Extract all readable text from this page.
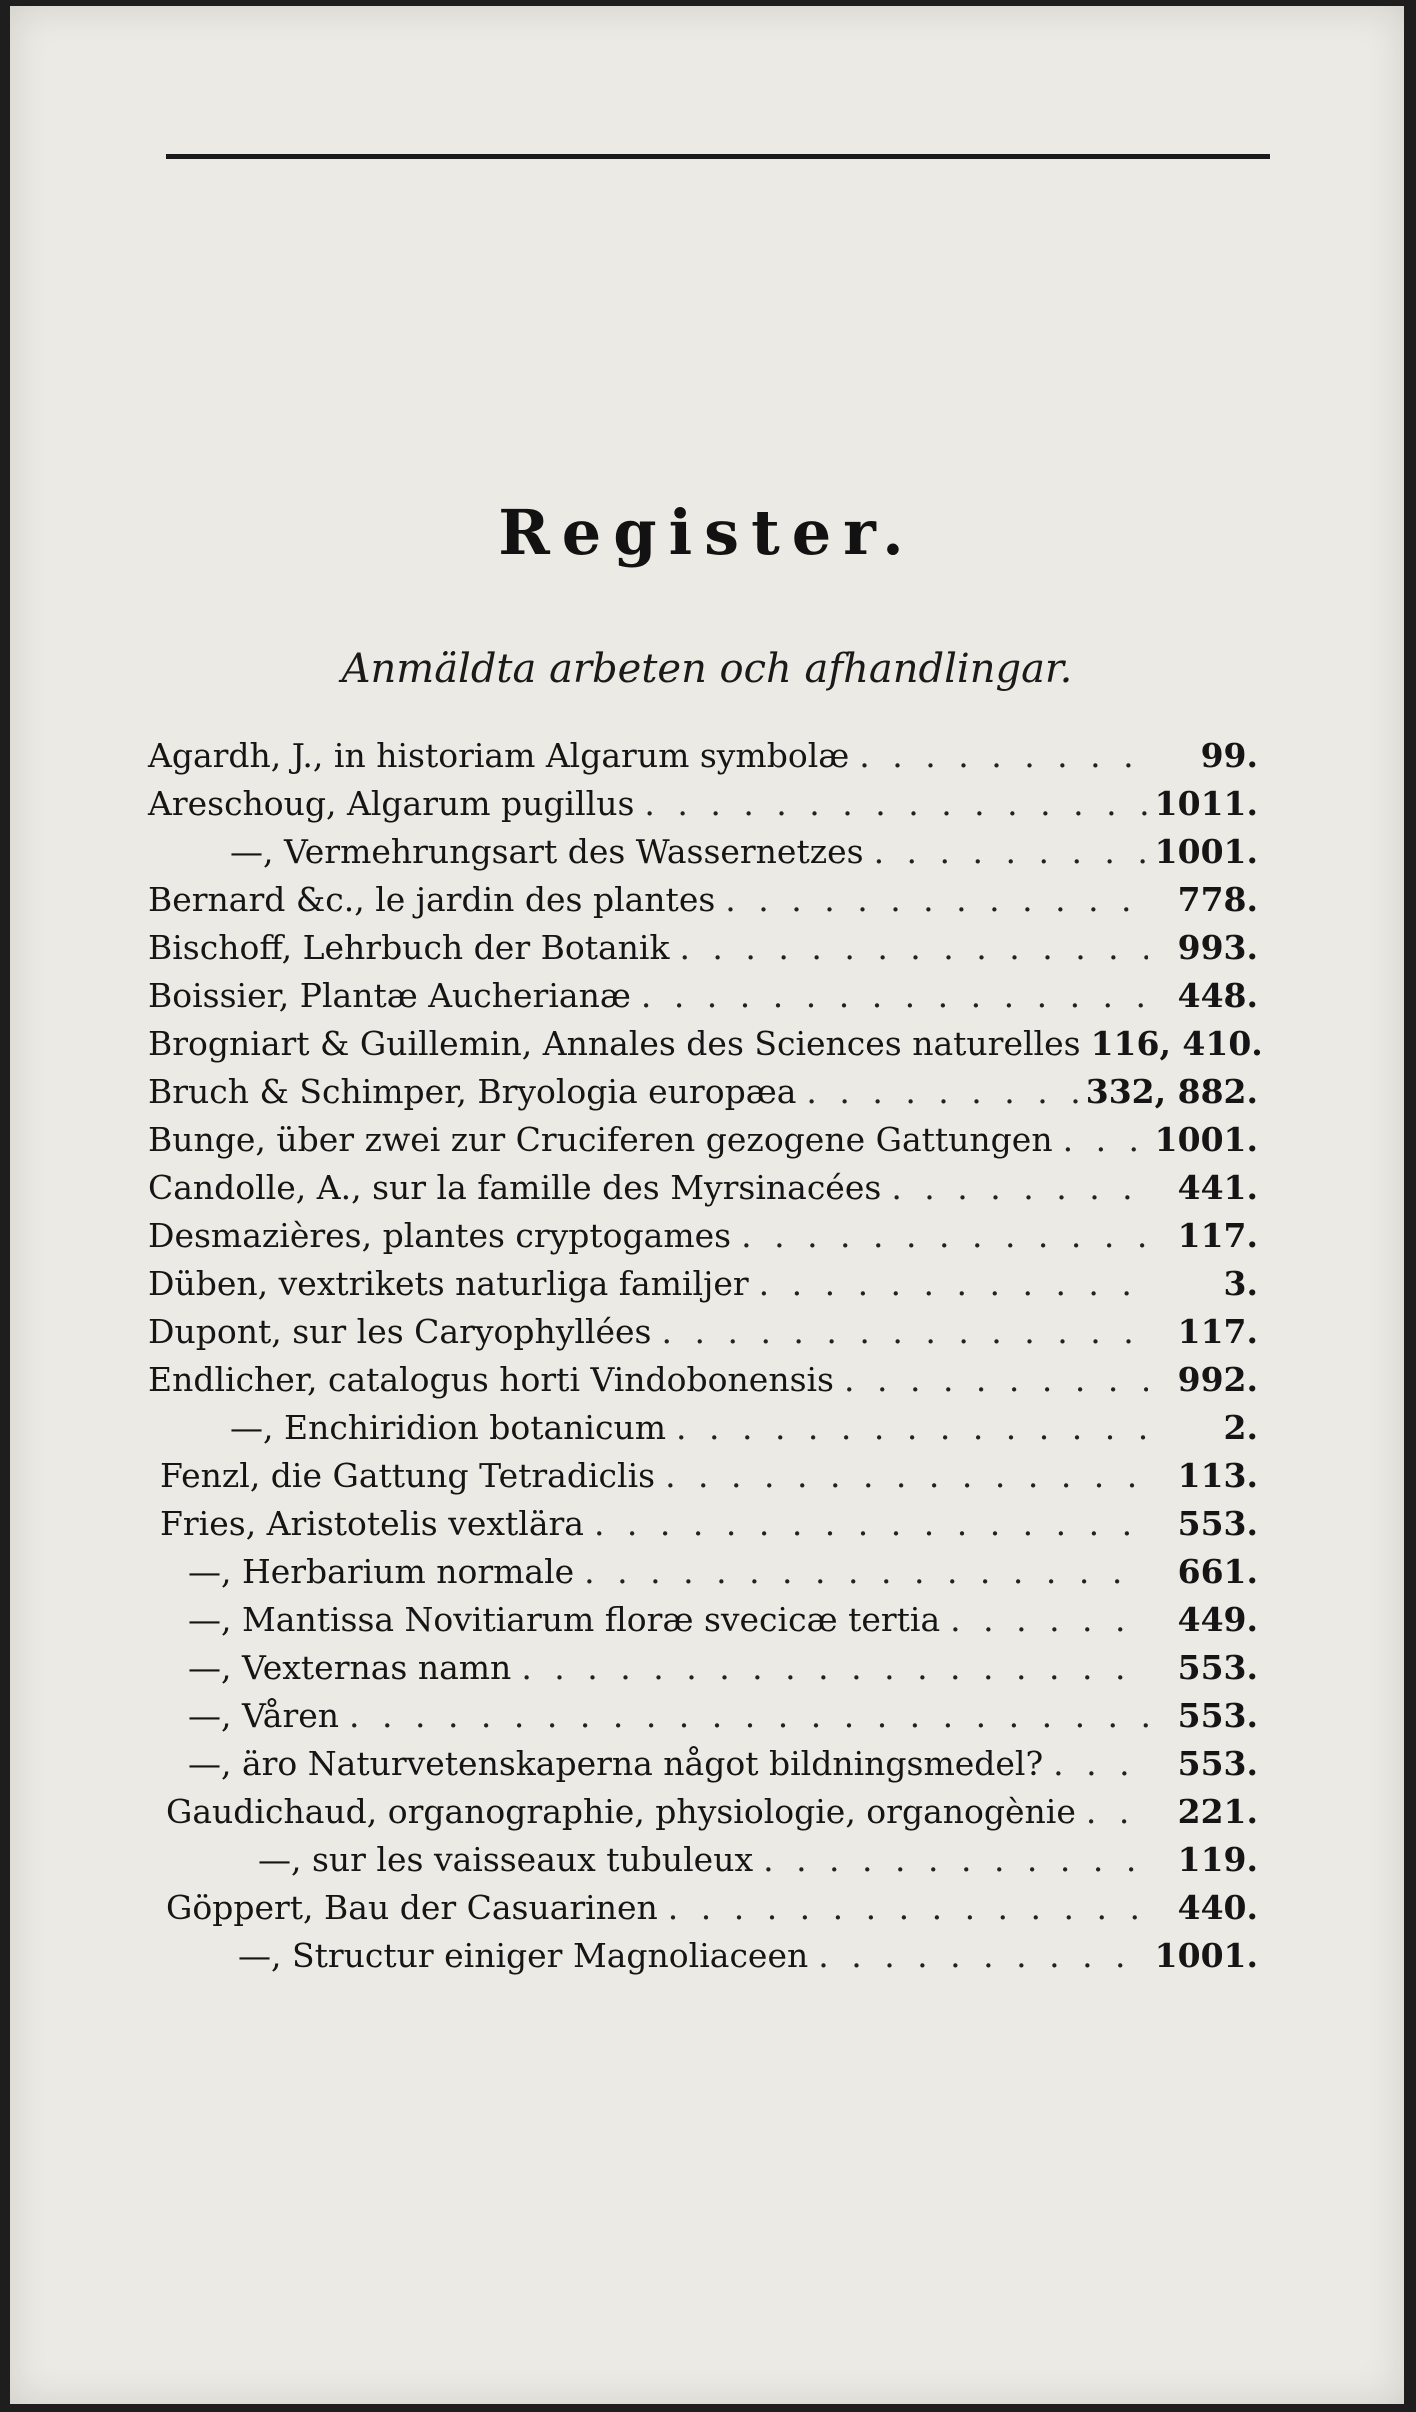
Register.
Anmäldta arbeten och afhandlingar.
Agardh, J., in historiam Algarum symbolæ . . .	99.
Areschoug, Algarum pugillus . . .	1011.
—, Vermehrungsart des Wassernetzes . . .	1001.
Bernard &c., le jardin des plantes . . .	778.
Bischoff, Lehrbuch der Botanik . . .	993.
Boissier, Plantæ Aucherianæ . . .	448.
Brogniart & Guillemin, Annales des Sciences naturelles . . . 116, 410.
Bruch & Schimper, Bryologia europæa . . .	332, 882.
Bunge, über zwei zur Cruciferen gezogene Gattungen . . .	1001.
Candolle, A., sur la famille des Myrsinacées . . .	441.
Desmazières, plantes cryptogames . . .	117.
Düben, vextrikets naturliga familjer . . .	3.
Dupont, sur les Caryophyllées . . .	117.
Endlicher, catalogus horti Vindobonensis . . .	992.
—, Enchiridion botanicum . . .	2.
Fenzl, die Gattung Tetradiclis . . .	113.
Fries, Aristotelis vextlära . . .	553.
—, Herbarium normale . . .	661.
—, Mantissa Novitiarum floræ svecicæ tertia . . .	449.
—, Vexternas namn . . .	553.
—, Våren . . .	553.
—, äro Naturvetenskaperna något bildningsmedel? . . .	553.
Gaudichaud, organographie, physiologie, organogènie . . .	221.
—, sur les vaisseaux tubuleux . . .	119.
Göppert, Bau der Casuarinen . . .	440.
—, Structur einiger Magnoliaceen . . .	1001.
